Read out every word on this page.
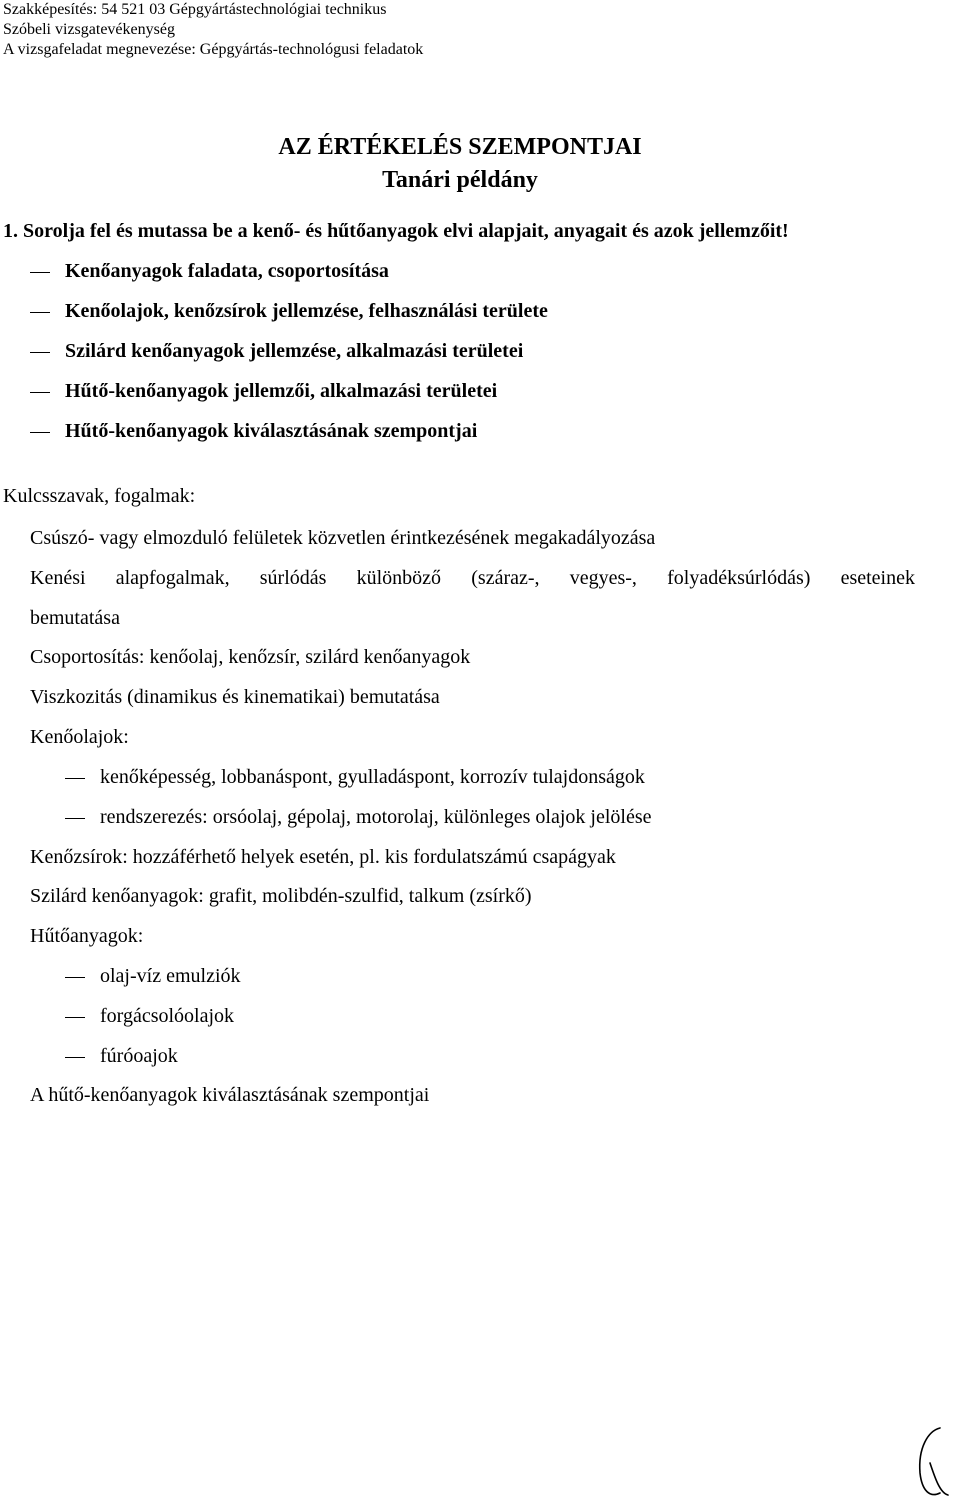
Szakképesítés: 54 521 03 Gépgyártástechnológiai technikus
Szóbeli vizsgatevékenység
A vizsgafeladat megnevezése: Gépgyártás-technológusi feladatok
AZ ÉRTÉKELÉS SZEMPONTJAI
Tanári példány
1. Sorolja fel és mutassa be a kenő- és hűtőanyagok elvi alapjait, anyagait és azok jellemzőit!
Kenőanyagok faladata, csoportosítása
Kenőolajok, kenőzsírok jellemzése, felhasználási területe
Szilárd kenőanyagok jellemzése, alkalmazási területei
Hűtő-kenőanyagok jellemzői, alkalmazási területei
Hűtő-kenőanyagok kiválasztásának szempontjai
Kulcsszavak, fogalmak:
Csúszó- vagy elmozduló felületek közvetlen érintkezésének megakadályozása
Kenési alapfogalmak, súrlódás különböző (száraz-, vegyes-, folyadéksúrlódás) eseteinek
bemutatása
Csoportosítás: kenőolaj, kenőzsír, szilárd kenőanyagok
Viszkozitás (dinamikus és kinematikai) bemutatása
Kenőolajok:
kenőképesség, lobbanáspont, gyulladáspont, korrozív tulajdonságok
rendszerezés: orsóolaj, gépolaj, motorolaj, különleges olajok jelölése
Kenőzsírok: hozzáférhető helyek esetén, pl. kis fordulatszámú csapágyak
Szilárd kenőanyagok: grafit, molibdén-szulfid, talkum (zsírkő)
Hűtőanyagok:
olaj-víz emulziók
forgácsolóolajok
fúróoajok
A hűtő-kenőanyagok kiválasztásának szempontjai
